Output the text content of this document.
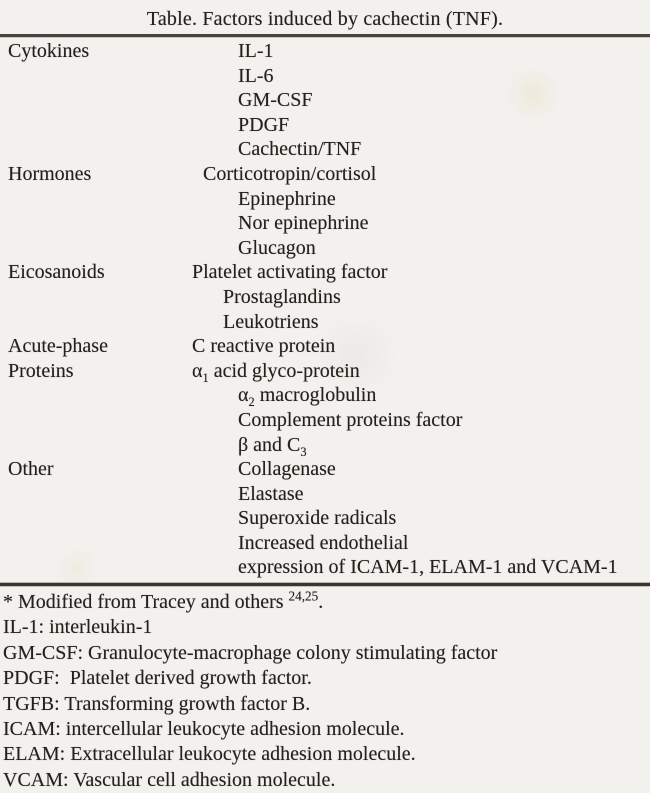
Table. Factors induced by cachectin (TNF).
Cytokines	IL-1
IL-6
GM-CSF
PDGF
Cachectin/TNF
Hormones	Corticotropin/cortisol
Epinephrine
Nor epinephrine
Glucagon
Eicosanoids	Platelet activating factor
Prostaglandins
Leukotriens
Acute-phase	C reactive protein
Proteins	$\alpha_1$ acid glyco-protein
$\alpha_2$ macroglobulin
Complement proteins factor
β and $C_3$
Other	Collagenase
Elastase
Superoxide radicals
Increased endothelial
expression of ICAM-1, ELAM-1 and VCAM-1
* Modified from Tracey and others $^{24,25}$.
IL-1: interleukin-1
GM-CSF: Granulocyte-macrophage colony stimulating factor
PDGF:  Platelet derived growth factor.
TGFB: Transforming growth factor B.
ICAM: intercellular leukocyte adhesion molecule.
ELAM: Extracellular leukocyte adhesion molecule.
VCAM: Vascular cell adhesion molecule.
